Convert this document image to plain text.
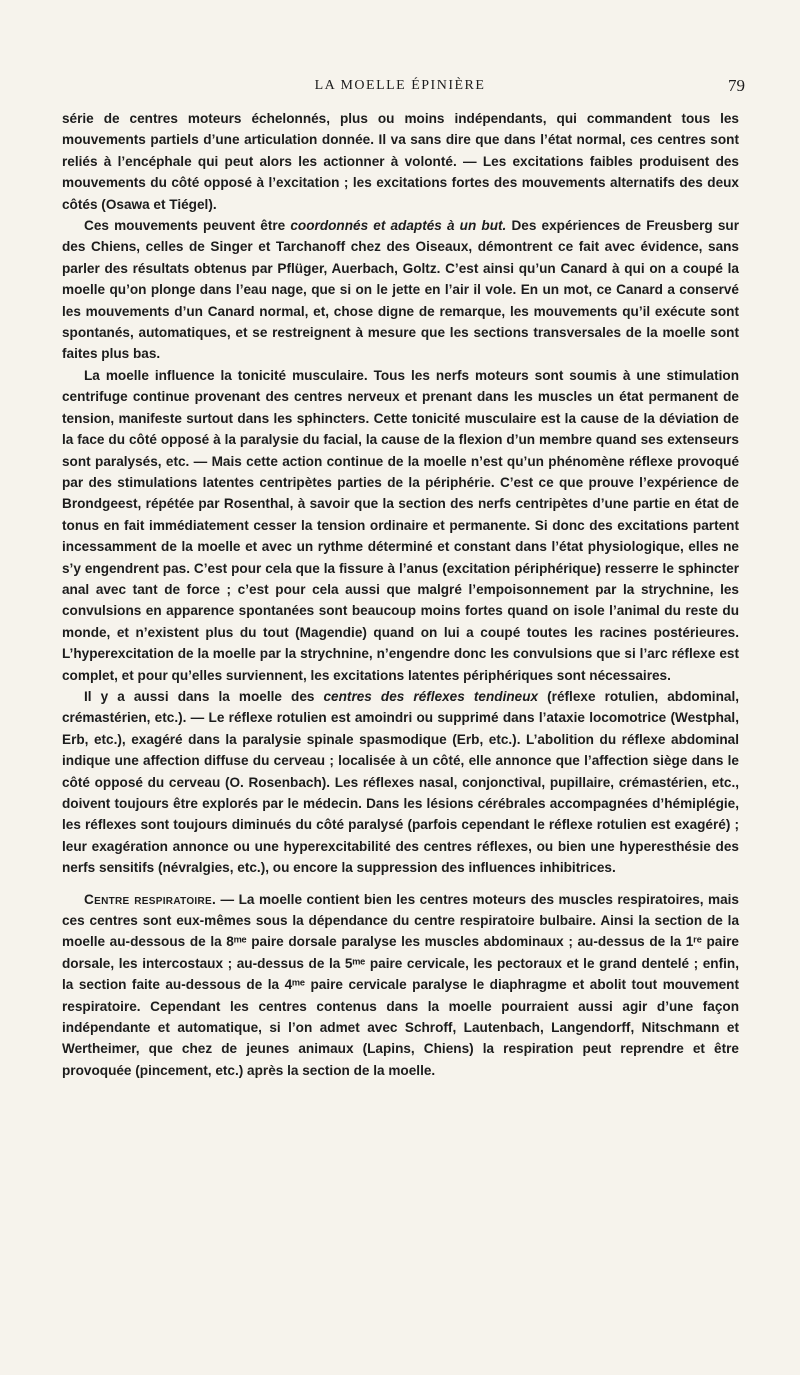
LA MOELLE ÉPINIÈRE	79

série de centres moteurs échelonnés, plus ou moins indépendants, qui commandent tous les mouvements partiels d’une articulation donnée. Il va sans dire que dans l’état normal, ces centres sont reliés à l’encéphale qui peut alors les actionner à volonté. — Les excitations faibles produisent des mouvements du côté opposé à l’excitation ; les excitations fortes des mouvements alternatifs des deux côtés (Osawa et Tiégel).

Ces mouvements peuvent être coordonnés et adaptés à un but. Des expériences de Freusberg sur des Chiens, celles de Singer et Tarchanoff chez des Oiseaux, démontrent ce fait avec évidence, sans parler des résultats obtenus par Pflüger, Auerbach, Goltz. C’est ainsi qu’un Canard à qui on a coupé la moelle qu’on plonge dans l’eau nage, que si on le jette en l’air il vole. En un mot, ce Canard a conservé les mouvements d’un Canard normal, et, chose digne de remarque, les mouvements qu’il exécute sont spontanés, automatiques, et se restreignent à mesure que les sections transversales de la moelle sont faites plus bas.

La moelle influence la tonicité musculaire. Tous les nerfs moteurs sont soumis à une stimulation centrifuge continue provenant des centres nerveux et prenant dans les muscles un état permanent de tension, manifeste surtout dans les sphincters. Cette tonicité musculaire est la cause de la déviation de la face du côté opposé à la paralysie du facial, la cause de la flexion d’un membre quand ses extenseurs sont paralysés, etc. — Mais cette action continue de la moelle n’est qu’un phénomène réflexe provoqué par des stimulations latentes centripètes parties de la périphérie. C’est ce que prouve l’expérience de Brondgeest, répétée par Rosenthal, à savoir que la section des nerfs centripètes d’une partie en état de tonus en fait immédiatement cesser la tension ordinaire et permanente. Si donc des excitations partent incessamment de la moelle et avec un rythme déterminé et constant dans l’état physiologique, elles ne s’y engendrent pas. C’est pour cela que la fissure à l’anus (excitation périphérique) resserre le sphincter anal avec tant de force ; c’est pour cela aussi que malgré l’empoisonnement par la strychnine, les convulsions en apparence spontanées sont beaucoup moins fortes quand on isole l’animal du reste du monde, et n’existent plus du tout (Magendie) quand on lui a coupé toutes les racines postérieures. L’hyperexcitation de la moelle par la strychnine, n’engendre donc les convulsions que si l’arc réflexe est complet, et pour qu’elles surviennent, les excitations latentes périphériques sont nécessaires.

Il y a aussi dans la moelle des centres des réflexes tendineux (réflexe rotulien, abdominal, crémastérien, etc.). — Le réflexe rotulien est amoindri ou supprimé dans l’ataxie locomotrice (Westphal, Erb, etc.), exagéré dans la paralysie spinale spasmodique (Erb, etc.). L’abolition du réflexe abdominal indique une affection diffuse du cerveau ; localisée à un côté, elle annonce que l’affection siège dans le côté opposé du cerveau (O. Rosenbach). Les réflexes nasal, conjonctival, pupillaire, crémastérien, etc., doivent toujours être explorés par le médecin. Dans les lésions cérébrales accompagnées d’hémiplégie, les réflexes sont toujours diminués du côté paralysé (parfois cependant le réflexe rotulien est exagéré) ; leur exagération annonce ou une hyperexcitabilité des centres réflexes, ou bien une hyperesthésie des nerfs sensitifs (névralgies, etc.), ou encore la suppression des influences inhibitrices.

Centre respiratoire. — La moelle contient bien les centres moteurs des muscles respiratoires, mais ces centres sont eux-mêmes sous la dépendance du centre respiratoire bulbaire. Ainsi la section de la moelle au-dessous de la 8ᵐᵉ paire dorsale paralyse les muscles abdominaux ; au-dessus de la 1ʳᵉ paire dorsale, les intercostaux ; au-dessus de la 5ᵐᵉ paire cervicale, les pectoraux et le grand dentelé ; enfin, la section faite au-dessous de la 4ᵐᵉ paire cervicale paralyse le diaphragme et abolit tout mouvement respiratoire. Cependant les centres contenus dans la moelle pourraient aussi agir d’une façon indépendante et automatique, si l’on admet avec Schroff, Lautenbach, Langendorff, Nitschmann et Wertheimer, que chez de jeunes animaux (Lapins, Chiens) la respiration peut reprendre et être provoquée (pincement, etc.) après la section de la moelle.
